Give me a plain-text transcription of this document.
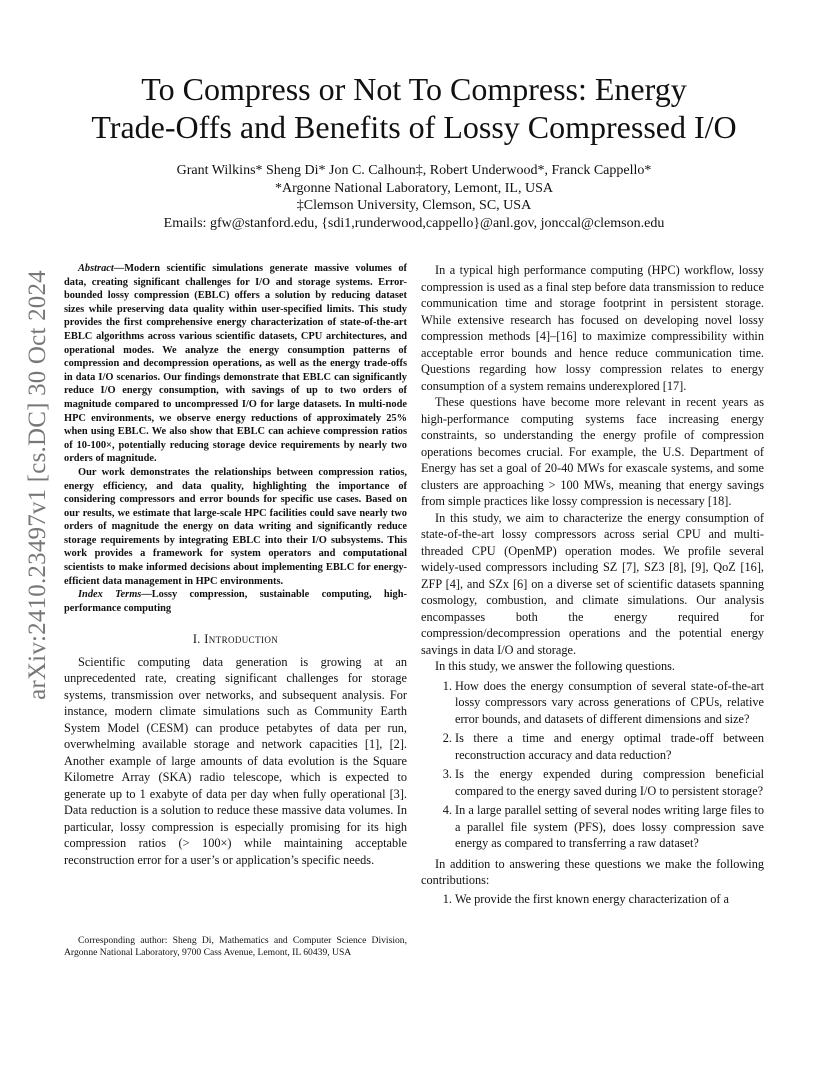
arXiv:2410.23497v1 [cs.DC] 30 Oct 2024
To Compress or Not To Compress: Energy
Trade-Offs and Benefits of Lossy Compressed I/O
Grant Wilkins* Sheng Di* Jon C. Calhoun‡, Robert Underwood*, Franck Cappello*
*Argonne National Laboratory, Lemont, IL, USA
‡Clemson University, Clemson, SC, USA
Emails: gfw@stanford.edu, {sdi1,runderwood,cappello}@anl.gov, jonccal@clemson.edu

Abstract—Modern scientific simulations generate massive volumes of data, creating significant challenges for I/O and storage systems. Error-bounded lossy compression (EBLC) offers a solution by reducing dataset sizes while preserving data quality within user-specified limits. This study provides the first comprehensive energy characterization of state-of-the-art EBLC algorithms across various scientific datasets, CPU architectures, and operational modes. We analyze the energy consumption patterns of compression and decompression operations, as well as the energy trade-offs in data I/O scenarios. Our findings demonstrate that EBLC can significantly reduce I/O energy consumption, with savings of up to two orders of magnitude compared to uncompressed I/O for large datasets. In multi-node HPC environments, we observe energy reductions of approximately 25% when using EBLC. We also show that EBLC can achieve compression ratios of 10-100×, potentially reducing storage device requirements by nearly two orders of magnitude.

Our work demonstrates the relationships between compression ratios, energy efficiency, and data quality, highlighting the importance of considering compressors and error bounds for specific use cases. Based on our results, we estimate that large-scale HPC facilities could save nearly two orders of magnitude the energy on data writing and significantly reduce storage requirements by integrating EBLC into their I/O subsystems. This work provides a framework for system operators and computational scientists to make informed decisions about implementing EBLC for energy-efficient data management in HPC environments.

Index Terms—Lossy compression, sustainable computing, high-performance computing

I. Introduction

Scientific computing data generation is growing at an unprecedented rate, creating significant challenges for storage systems, transmission over networks, and subsequent analysis. For instance, modern climate simulations such as Community Earth System Model (CESM) can produce petabytes of data per run, overwhelming available storage and network capacities [1], [2]. Another example of large amounts of data evolution is the Square Kilometre Array (SKA) radio telescope, which is expected to generate up to 1 exabyte of data per day when fully operational [3]. Data reduction is a solution to reduce these massive data volumes. In particular, lossy compression is especially promising for its high compression ratios (> 100×) while maintaining acceptable reconstruction error for a user’s or application’s specific needs.

Corresponding author: Sheng Di, Mathematics and Computer Science Division, Argonne National Laboratory, 9700 Cass Avenue, Lemont, IL 60439, USA

In a typical high performance computing (HPC) workflow, lossy compression is used as a final step before data transmission to reduce communication time and storage footprint in persistent storage. While extensive research has focused on developing novel lossy compression methods [4]–[16] to maximize compressibility within acceptable error bounds and hence reduce communication time. Questions regarding how lossy compression relates to energy consumption of a system remains underexplored [17].

These questions have become more relevant in recent years as high-performance computing systems face increasing energy constraints, so understanding the energy profile of compression operations becomes crucial. For example, the U.S. Department of Energy has set a goal of 20-40 MWs for exascale systems, and some clusters are approaching > 100 MWs, meaning that energy savings from simple practices like lossy compression is necessary [18].

In this study, we aim to characterize the energy consumption of state-of-the-art lossy compressors across serial CPU and multi-threaded CPU (OpenMP) operation modes. We profile several widely-used compressors including SZ [7], SZ3 [8], [9], QoZ [16], ZFP [4], and SZx [6] on a diverse set of scientific datasets spanning cosmology, combustion, and climate simulations. Our analysis encompasses both the energy required for compression/decompression operations and the potential energy savings in data I/O and storage.

In this study, we answer the following questions.

1. How does the energy consumption of several state-of-the-art lossy compressors vary across generations of CPUs, relative error bounds, and datasets of different dimensions and size?
2. Is there a time and energy optimal trade-off between reconstruction accuracy and data reduction?
3. Is the energy expended during compression beneficial compared to the energy saved during I/O to persistent storage?
4. In a large parallel setting of several nodes writing large files to a parallel file system (PFS), does lossy compression save energy as compared to transferring a raw dataset?

In addition to answering these questions we make the following contributions:

1. We provide the first known energy characterization of a
